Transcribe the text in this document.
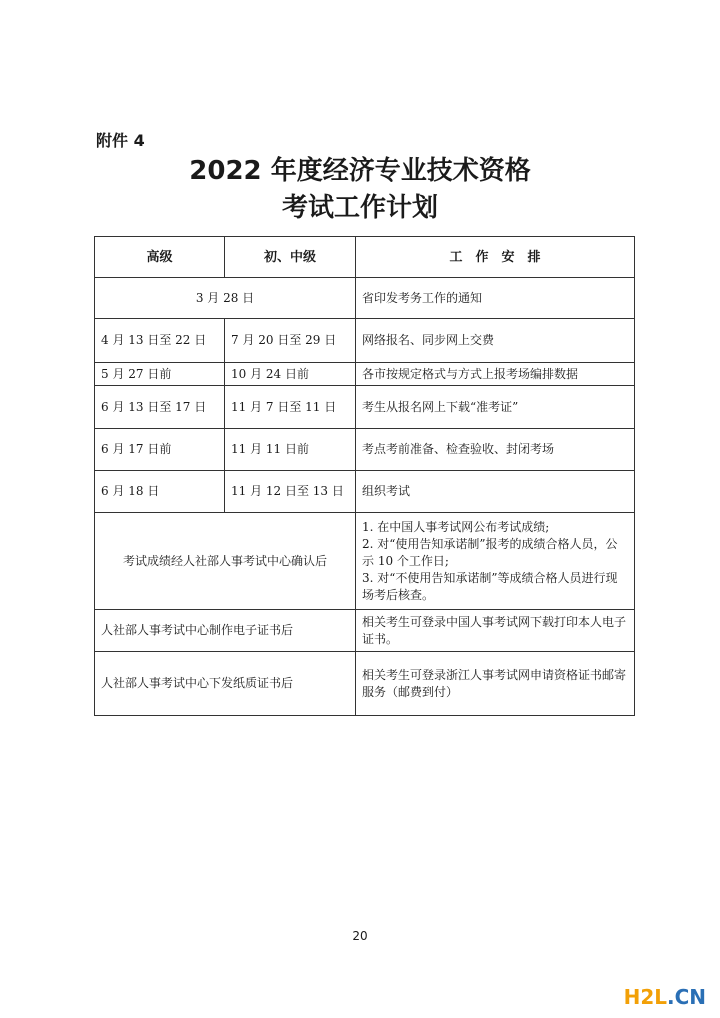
附件 4
2022 年度经济专业技术资格
考试工作计划
高级	初、中级	工　作　安　排
3 月 28 日		省印发考务工作的通知
4 月 13 日至 22 日	7 月 20 日至 29 日	网络报名、同步网上交费
5 月 27 日前	10 月 24 日前	各市按规定格式与方式上报考场编排数据
6 月 13 日至 17 日	11 月 7 日至 11 日	考生从报名网上下载“准考证”
6 月 17 日前	11 月 11 日前	考点考前准备、检查验收、封闭考场
6 月 18 日	11 月 12 日至 13 日	组织考试
考试成绩经人社部人事考试中心确认后		1. 在中国人事考试网公布考试成绩;
2. 对“使用告知承诺制”报考的成绩合格人员，公示 10 个工作日;
3. 对“不使用告知承诺制”等成绩合格人员进行现场考后核查。

人社部人事考试中心制作电子证书后		相关考生可登录中国人事考试网下载打印本人电子证书。
人社部人事考试中心下发纸质证书后		相关考生可登录浙江人事考试网申请资格证书邮寄服务（邮费到付）
20
H2L.CN
